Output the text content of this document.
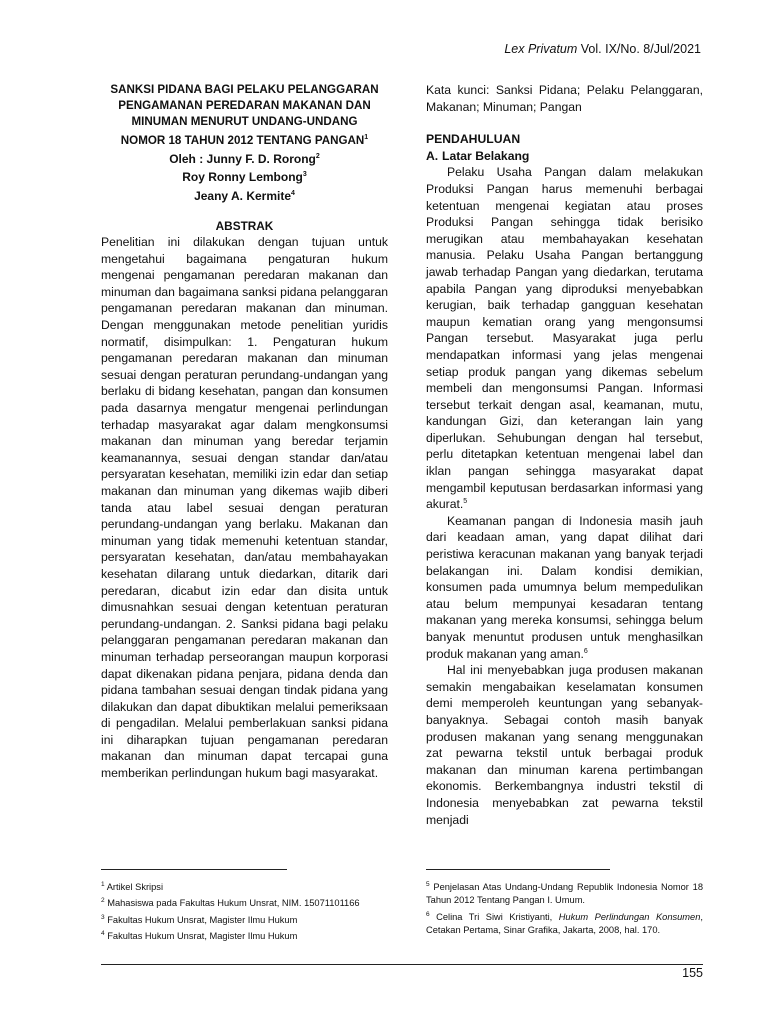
Lex Privatum Vol. IX/No. 8/Jul/2021
SANKSI PIDANA BAGI PELAKU PELANGGARAN
PENGAMANAN PEREDARAN MAKANAN DAN
MINUMAN MENURUT UNDANG-UNDANG
NOMOR 18 TAHUN 2012 TENTANG PANGAN$^1$
Oleh : Junny F. D. Rorong$^2$
Roy Ronny Lembong$^3$
Jeany A. Kermite$^4$
ABSTRAK

Penelitian ini dilakukan dengan tujuan untuk mengetahui bagaimana pengaturan hukum mengenai pengamanan peredaran makanan dan minuman dan bagaimana sanksi pidana pelanggaran pengamanan peredaran makanan dan minuman. Dengan menggunakan metode penelitian yuridis normatif, disimpulkan: 1. Pengaturan hukum pengamanan peredaran makanan dan minuman sesuai dengan peraturan perundang-undangan yang berlaku di bidang kesehatan, pangan dan konsumen pada dasarnya mengatur mengenai perlindungan terhadap masyarakat agar dalam mengkonsumsi makanan dan minuman yang beredar terjamin keamanannya, sesuai dengan standar dan/atau persyaratan kesehatan, memiliki izin edar dan setiap makanan dan minuman yang dikemas wajib diberi tanda atau label sesuai dengan peraturan perundang-undangan yang berlaku. Makanan dan minuman yang tidak memenuhi ketentuan standar, persyaratan kesehatan, dan/atau membahayakan kesehatan dilarang untuk diedarkan, ditarik dari peredaran, dicabut izin edar dan disita untuk dimusnahkan sesuai dengan ketentuan peraturan perundang-undangan. 2. Sanksi pidana bagi pelaku pelanggaran pengamanan peredaran makanan dan minuman terhadap perseorangan maupun korporasi dapat dikenakan pidana penjara, pidana denda dan pidana tambahan sesuai dengan tindak pidana yang dilakukan dan dapat dibuktikan melalui pemeriksaan di pengadilan. Melalui pemberlakuan sanksi pidana ini diharapkan tujuan pengamanan peredaran makanan dan minuman dapat tercapai guna memberikan perlindungan hukum bagi masyarakat.

Kata kunci: Sanksi Pidana; Pelaku Pelanggaran, Makanan; Minuman; Pangan

PENDAHULUAN
A. Latar Belakang

Pelaku Usaha Pangan dalam melakukan Produksi Pangan harus memenuhi berbagai ketentuan mengenai kegiatan atau proses Produksi Pangan sehingga tidak berisiko merugikan atau membahayakan kesehatan manusia. Pelaku Usaha Pangan bertanggung jawab terhadap Pangan yang diedarkan, terutama apabila Pangan yang diproduksi menyebabkan kerugian, baik terhadap gangguan kesehatan maupun kematian orang yang mengonsumsi Pangan tersebut. Masyarakat juga perlu mendapatkan informasi yang jelas mengenai setiap produk pangan yang dikemas sebelum membeli dan mengonsumsi Pangan. Informasi tersebut terkait dengan asal, keamanan, mutu, kandungan Gizi, dan keterangan lain yang diperlukan. Sehubungan dengan hal tersebut, perlu ditetapkan ketentuan mengenai label dan iklan pangan sehingga masyarakat dapat mengambil keputusan berdasarkan informasi yang akurat.$^5$

Keamanan pangan di Indonesia masih jauh dari keadaan aman, yang dapat dilihat dari peristiwa keracunan makanan yang banyak terjadi belakangan ini. Dalam kondisi demikian, konsumen pada umumnya belum mempedulikan atau belum mempunyai kesadaran tentang makanan yang mereka konsumsi, sehingga belum banyak menuntut produsen untuk menghasilkan produk makanan yang aman.$^6$

Hal ini menyebabkan juga produsen makanan semakin mengabaikan keselamatan konsumen demi memperoleh keuntungan yang sebanyak-banyaknya. Sebagai contoh masih banyak produsen makanan yang senang menggunakan zat pewarna tekstil untuk berbagai produk makanan dan minuman karena pertimbangan ekonomis. Berkembangnya industri tekstil di Indonesia menyebabkan zat pewarna tekstil menjadi

$^1$ Artikel Skripsi
$^2$ Mahasiswa pada Fakultas Hukum Unsrat, NIM. 15071101166
$^3$ Fakultas Hukum Unsrat, Magister Ilmu Hukum
$^4$ Fakultas Hukum Unsrat, Magister Ilmu Hukum
$^5$ Penjelasan Atas Undang-Undang Republik Indonesia Nomor 18 Tahun 2012 Tentang Pangan I. Umum.
$^6$ Celina Tri Siwi Kristiyanti, Hukum Perlindungan Konsumen, Cetakan Pertama, Sinar Grafika, Jakarta, 2008, hal. 170.
155
